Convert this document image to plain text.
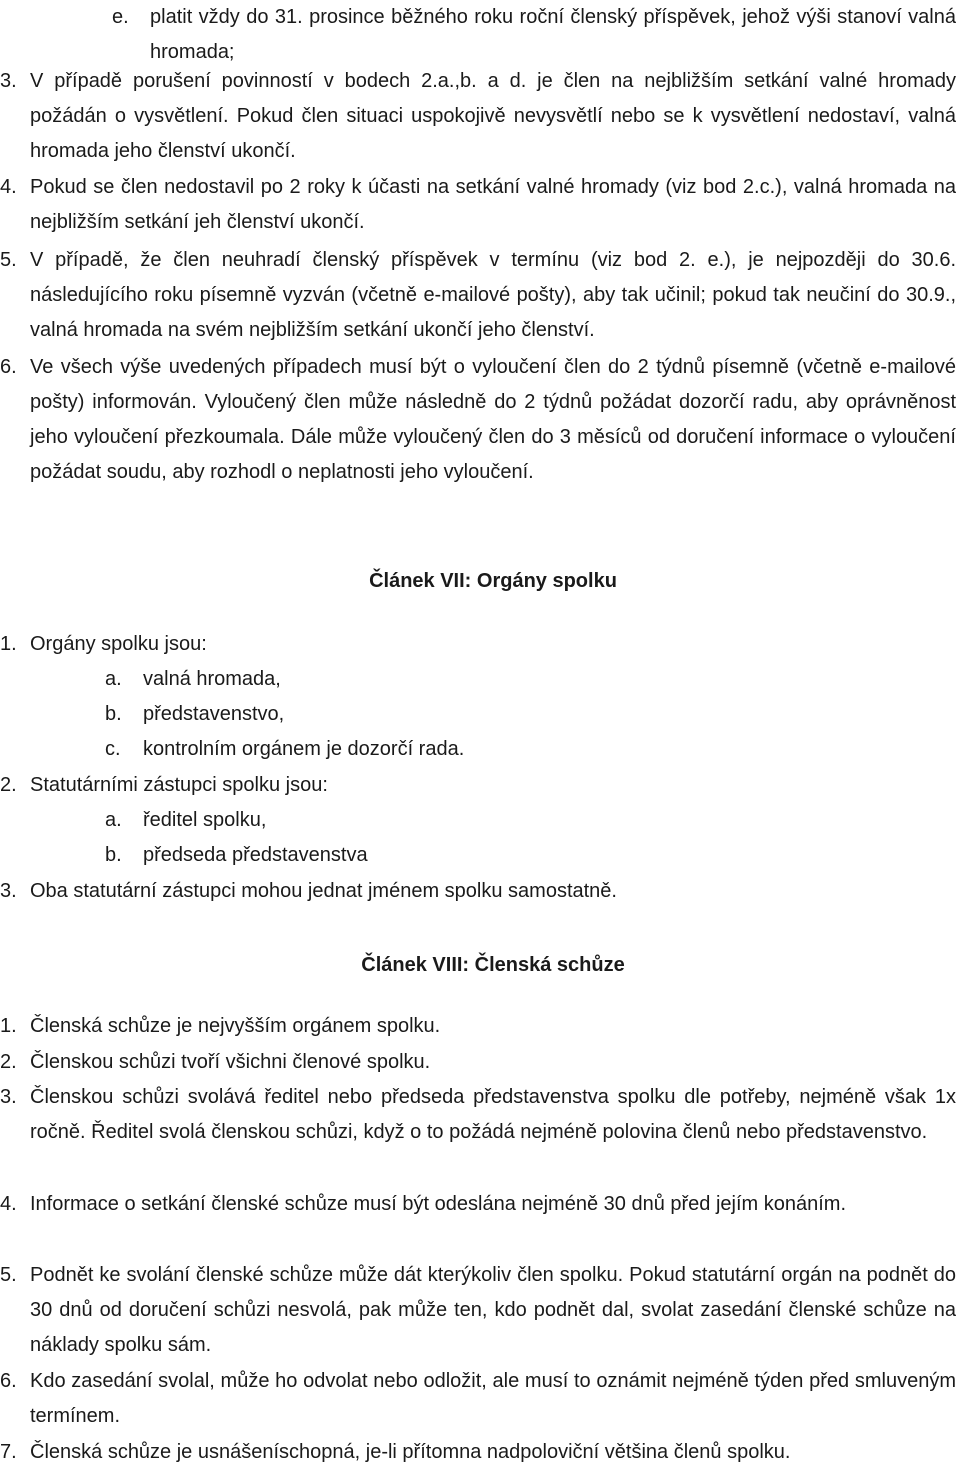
e. platit vždy do 31. prosince běžného roku roční členský příspěvek, jehož výši stanoví valná hromada;
3. V případě porušení povinností v bodech 2.a.,b. a d. je člen na nejbližším setkání valné hromady požádán o vysvětlení. Pokud člen situaci uspokojivě nevysvětlí nebo se k vysvětlení nedostaví, valná hromada jeho členství ukončí.
4. Pokud se člen nedostavil po 2 roky k účasti na setkání valné hromady (viz bod 2.c.), valná hromada na nejbližším setkání jeh členství ukončí.
5. V případě, že člen neuhradí členský příspěvek v termínu (viz bod 2. e.), je nejpozději do 30.6. následujícího roku písemně vyzván (včetně e-mailové pošty), aby tak učinil; pokud tak neučiní do 30.9., valná hromada na svém nejbližším setkání ukončí jeho členství.
6. Ve všech výše uvedených případech musí být o vyloučení člen do 2 týdnů písemně (včetně e-mailové pošty) informován. Vyloučený člen může následně do 2 týdnů požádat dozorčí radu, aby oprávněnost jeho vyloučení přezkoumala. Dále může vyloučený člen do 3 měsíců od doručení informace o vyloučení požádat soudu, aby rozhodl o neplatnosti jeho vyloučení.
Článek VII: Orgány spolku
1. Orgány spolku jsou:
a. valná hromada,
b. představenstvo,
c. kontrolním orgánem je dozorčí rada.
2. Statutárními zástupci spolku jsou:
a. ředitel spolku,
b. předseda představenstva
3. Oba statutární zástupci mohou jednat jménem spolku samostatně.
Článek VIII: Členská schůze
1. Členská schůze je nejvyšším orgánem spolku.
2. Členskou schůzi tvoří všichni členové spolku.
3. Členskou schůzi svolává ředitel nebo předseda představenstva spolku dle potřeby, nejméně však 1x ročně. Ředitel svolá členskou schůzi, když o to požádá nejméně polovina členů nebo představenstvo.
4. Informace o setkání členské schůze musí být odeslána nejméně 30 dnů před jejím konáním.
5. Podnět ke svolání členské schůze může dát kterýkoliv člen spolku. Pokud statutární orgán na podnět do 30 dnů od doručení schůzi nesvolá, pak může ten, kdo podnět dal, svolat zasedání členské schůze na náklady spolku sám.
6. Kdo zasedání svolal, může ho odvolat nebo odložit, ale musí to oznámit nejméně týden před smluveným termínem.
7. Členská schůze je usnášeníschopná, je-li přítomna nadpoloviční většina členů spolku.
